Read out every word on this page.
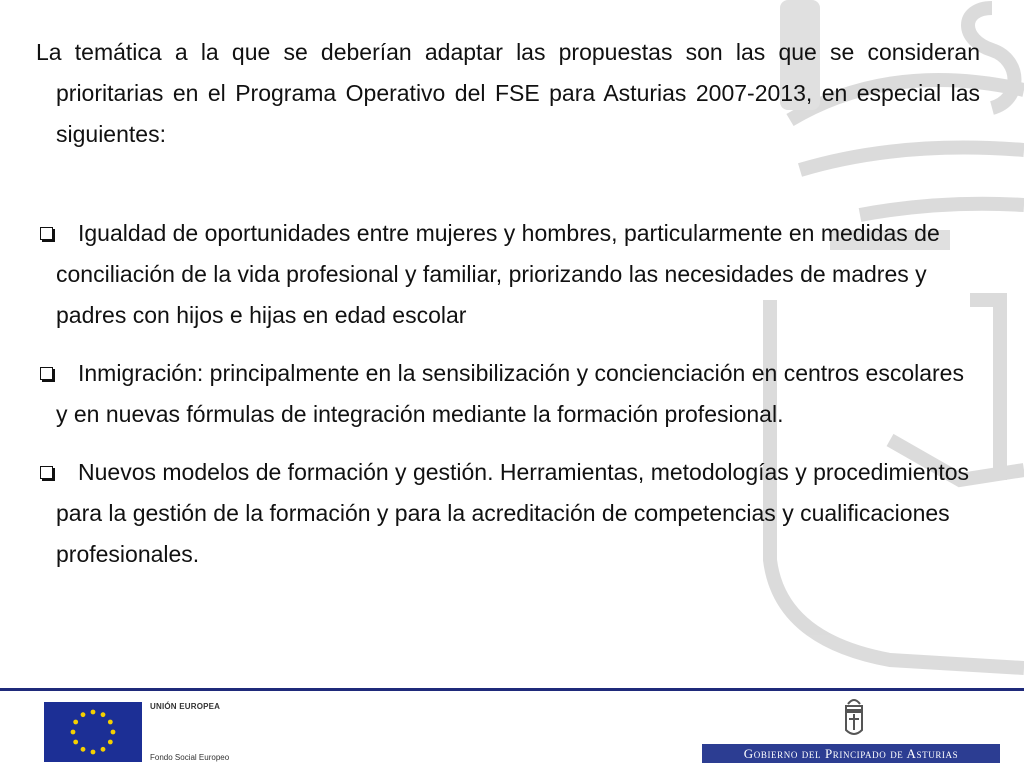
La temática a la que se deberían adaptar las propuestas son las que se consideran prioritarias en el Programa Operativo del FSE para Asturias 2007-2013, en especial las siguientes:

Igualdad de oportunidades entre mujeres y hombres, particularmente en medidas de conciliación de la vida profesional y familiar, priorizando las necesidades de madres y padres con hijos e hijas en edad escolar
Inmigración: principalmente en la sensibilización y concienciación en centros escolares y en nuevas fórmulas de integración mediante la formación profesional.
Nuevos modelos de formación y gestión. Herramientas, metodologías y procedimientos para la gestión de la formación y para la acreditación de competencias y cualificaciones profesionales.
UNIÓN EUROPEA
Fondo Social Europeo	Gobierno del Principado de Asturias
